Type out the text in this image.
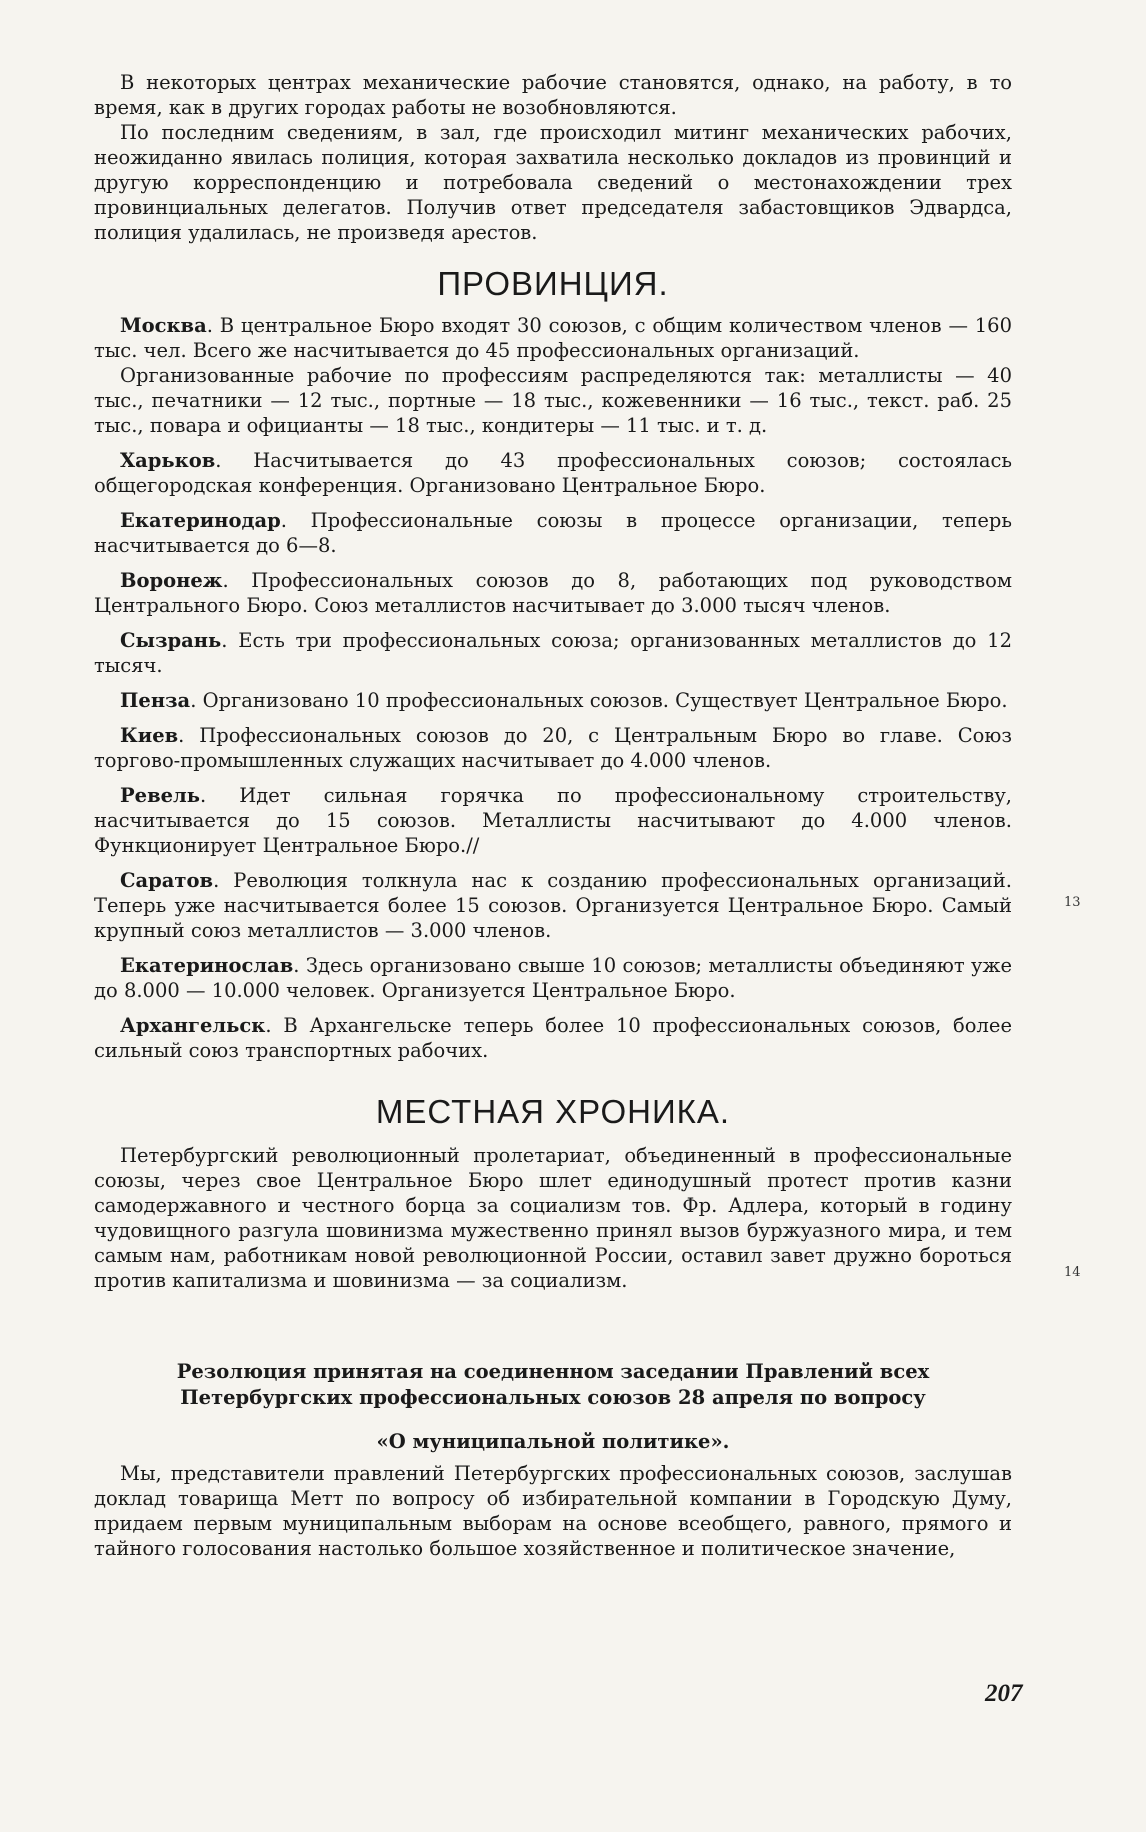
В некоторых центрах механические рабочие становятся, однако, на работу, в то время, как в других городах работы не возобновляются.

По последним сведениям, в зал, где происходил митинг механических рабочих, неожиданно явилась полиция, которая захватила несколько докладов из провинций и другую корреспонденцию и потребовала сведений о местонахождении трех провинциальных делегатов. Получив ответ председателя забастовщиков Эдвардса, полиция удалилась, не произведя арестов.

ПРОВИНЦИЯ.

Москва. В центральное Бюро входят 30 союзов, с общим количеством членов — 160 тыс. чел. Всего же насчитывается до 45 профессиональных организаций.

Организованные рабочие по профессиям распределяются так: металлисты — 40 тыс., печатники — 12 тыс., портные — 18 тыс., кожевенники — 16 тыс., текст. раб. 25 тыс., повара и официанты — 18 тыс., кондитеры — 11 тыс. и т. д.

Харьков. Насчитывается до 43 профессиональных союзов; состоялась общегородская конференция. Организовано Центральное Бюро.

Екатеринодар. Профессиональные союзы в процессе организации, теперь насчитывается до 6—8.

Воронеж. Профессиональных союзов до 8, работающих под руководством Центрального Бюро. Союз металлистов насчитывает до 3.000 тысяч членов.

Сызрань. Есть три профессиональных союза; организованных металлистов до 12 тысяч.

Пенза. Организовано 10 профессиональных союзов. Существует Центральное Бюро.

Киев. Профессиональных союзов до 20, с Центральным Бюро во главе. Союз торгово-промышленных служащих насчитывает до 4.000 членов.

Ревель. Идет сильная горячка по профессиональному строительству, насчитывается до 15 союзов. Металлисты насчитывают до 4.000 членов. Функционирует Центральное Бюро.//

Саратов. Революция толкнула нас к созданию профессиональных организаций. Теперь уже насчитывается более 15 союзов. Организуется Центральное Бюро. Самый крупный союз металлистов — 3.000 членов.

Екатеринослав. Здесь организовано свыше 10 союзов; металлисты объединяют уже до 8.000 — 10.000 человек. Организуется Центральное Бюро.

Архангельск. В Архангельске теперь более 10 профессиональных союзов, более сильный союз транспортных рабочих.

МЕСТНАЯ ХРОНИКА.

Петербургский революционный пролетариат, объединенный в профессиональные союзы, через свое Центральное Бюро шлет единодушный протест против казни самодержавного и честного борца за социализм тов. Фр. Адлера, который в годину чудовищного разгула шовинизма мужественно принял вызов буржуазного мира, и тем самым нам, работникам новой революционной России, оставил завет дружно бороться против капитализма и шовинизма — за социализм.

Резолюция принятая на соединенном заседании Правлений всех Петербургских профессиональных союзов 28 апреля по вопросу
«О муниципальной политике».

Мы, представители правлений Петербургских профессиональных союзов, заслушав доклад товарища Метт по вопросу об избирательной компании в Городскую Думу, придаем первым муниципальным выборам на основе всеобщего, равного, прямого и тайного голосования настолько большое хозяйственное и политическое значение,

13
14
207
